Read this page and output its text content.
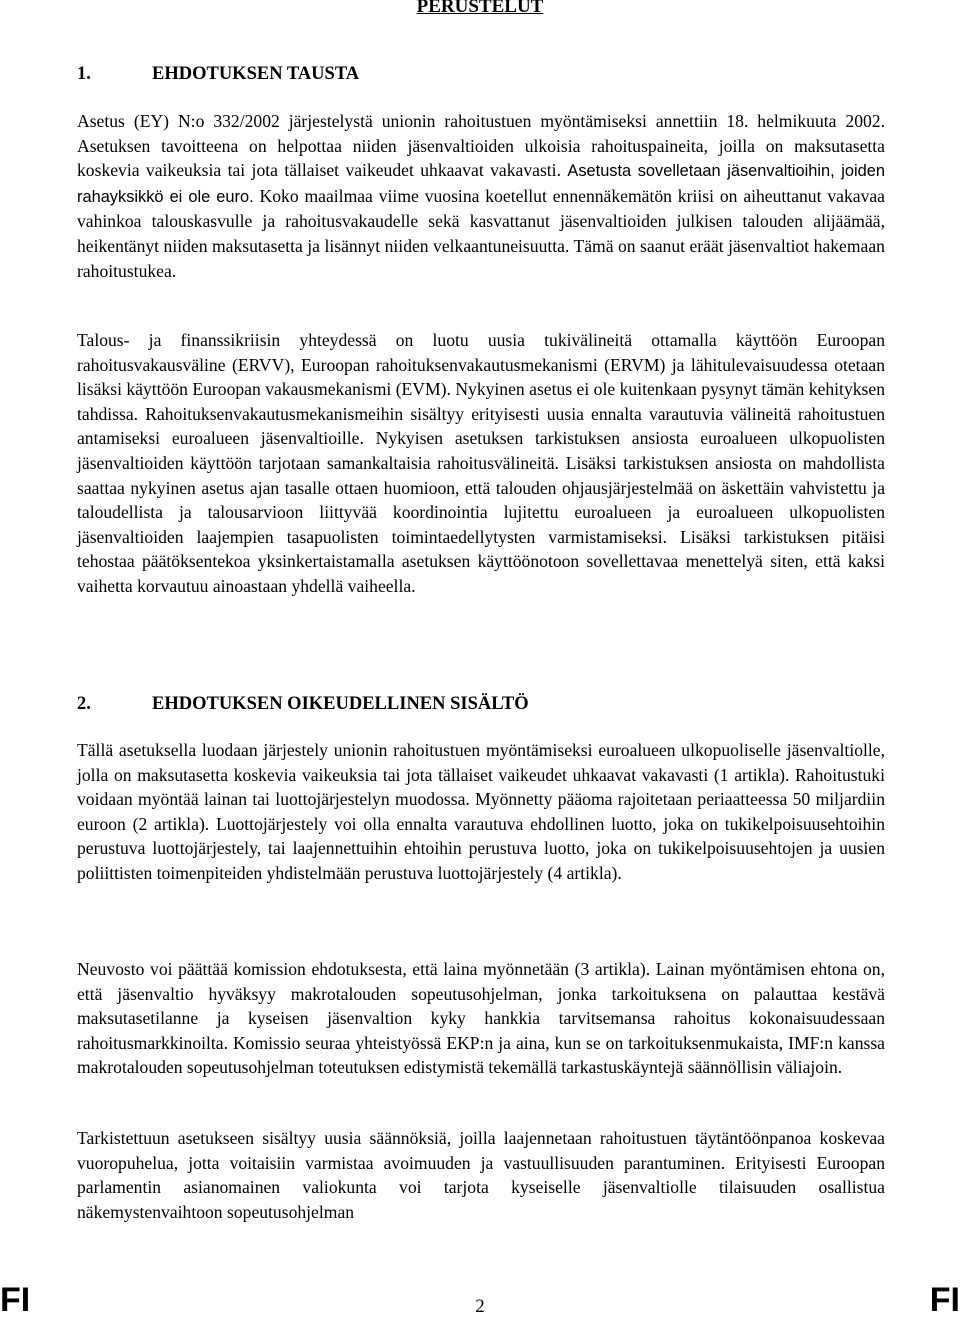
PERUSTELUT
1.	EHDOTUKSEN TAUSTA

Asetus (EY) N:o 332/2002 järjestelystä unionin rahoitustuen myöntämiseksi annettiin 18. helmikuuta 2002. Asetuksen tavoitteena on helpottaa niiden jäsenvaltioiden ulkoisia rahoituspaineita, joilla on maksutasetta koskevia vaikeuksia tai jota tällaiset vaikeudet uhkaavat vakavasti. Asetusta sovelletaan jäsenvaltioihin, joiden rahayksikkö ei ole euro. Koko maailmaa viime vuosina koetellut ennennäkemätön kriisi on aiheuttanut vakavaa vahinkoa talouskasvulle ja rahoitusvakaudelle sekä kasvattanut jäsenvaltioiden julkisen talouden alijäämää, heikentänyt niiden maksutasetta ja lisännyt niiden velkaantuneisuutta. Tämä on saanut eräät jäsenvaltiot hakemaan rahoitustukea.

Talous- ja finanssikriisin yhteydessä on luotu uusia tukivälineitä ottamalla käyttöön Euroopan rahoitusvakausväline (ERVV), Euroopan rahoituksenvakautusmekanismi (ERVM) ja lähitulevaisuudessa otetaan lisäksi käyttöön Euroopan vakausmekanismi (EVM). Nykyinen asetus ei ole kuitenkaan pysynyt tämän kehityksen tahdissa. Rahoituksenvakautusmekanismeihin sisältyy erityisesti uusia ennalta varautuvia välineitä rahoitustuen antamiseksi euroalueen jäsenvaltioille. Nykyisen asetuksen tarkistuksen ansiosta euroalueen ulkopuolisten jäsenvaltioiden käyttöön tarjotaan samankaltaisia rahoitusvälineitä. Lisäksi tarkistuksen ansiosta on mahdollista saattaa nykyinen asetus ajan tasalle ottaen huomioon, että talouden ohjausjärjestelmää on äskettäin vahvistettu ja taloudellista ja talousarvioon liittyvää koordinointia lujitettu euroalueen ja euroalueen ulkopuolisten jäsenvaltioiden laajempien tasapuolisten toimintaedellytysten varmistamiseksi. Lisäksi tarkistuksen pitäisi tehostaa päätöksentekoa yksinkertaistamalla asetuksen käyttöönotoon sovellettavaa menettelyä siten, että kaksi vaihetta korvautuu ainoastaan yhdellä vaiheella.

2.	EHDOTUKSEN OIKEUDELLINEN SISÄLTÖ

Tällä asetuksella luodaan järjestely unionin rahoitustuen myöntämiseksi euroalueen ulkopuoliselle jäsenvaltiolle, jolla on maksutasetta koskevia vaikeuksia tai jota tällaiset vaikeudet uhkaavat vakavasti (1 artikla). Rahoitustuki voidaan myöntää lainan tai luottojärjestelyn muodossa. Myönnetty pääoma rajoitetaan periaatteessa 50 miljardiin euroon (2 artikla). Luottojärjestely voi olla ennalta varautuva ehdollinen luotto, joka on tukikelpoisuusehtoihin perustuva luottojärjestely, tai laajennettuihin ehtoihin perustuva luotto, joka on tukikelpoisuusehtojen ja uusien poliittisten toimenpiteiden yhdistelmään perustuva luottojärjestely (4 artikla).

Neuvosto voi päättää komission ehdotuksesta, että laina myönnetään (3 artikla). Lainan myöntämisen ehtona on, että jäsenvaltio hyväksyy makrotalouden sopeutusohjelman, jonka tarkoituksena on palauttaa kestävä maksutasetilanne ja kyseisen jäsenvaltion kyky hankkia tarvitsemansa rahoitus kokonaisuudessaan rahoitusmarkkinoilta. Komissio seuraa yhteistyössä EKP:n ja aina, kun se on tarkoituksenmukaista, IMF:n kanssa makrotalouden sopeutusohjelman toteutuksen edistymistä tekemällä tarkastuskäyntejä säännöllisin väliajoin.

Tarkistettuun asetukseen sisältyy uusia säännöksiä, joilla laajennetaan rahoitustuen täytäntöönpanoa koskevaa vuoropuhelua, jotta voitaisiin varmistaa avoimuuden ja vastuullisuuden parantuminen. Erityisesti Euroopan parlamentin asianomainen valiokunta voi tarjota kyseiselle jäsenvaltiolle tilaisuuden osallistua näkemystenvaihtoon sopeutusohjelman

FI	2	FI
